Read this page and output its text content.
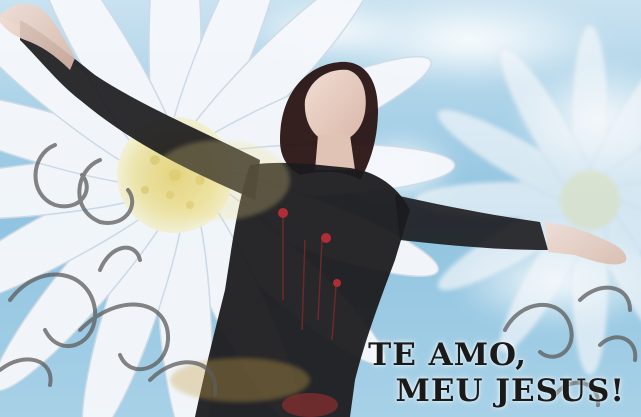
TE AMO,
MEU JESUS!
